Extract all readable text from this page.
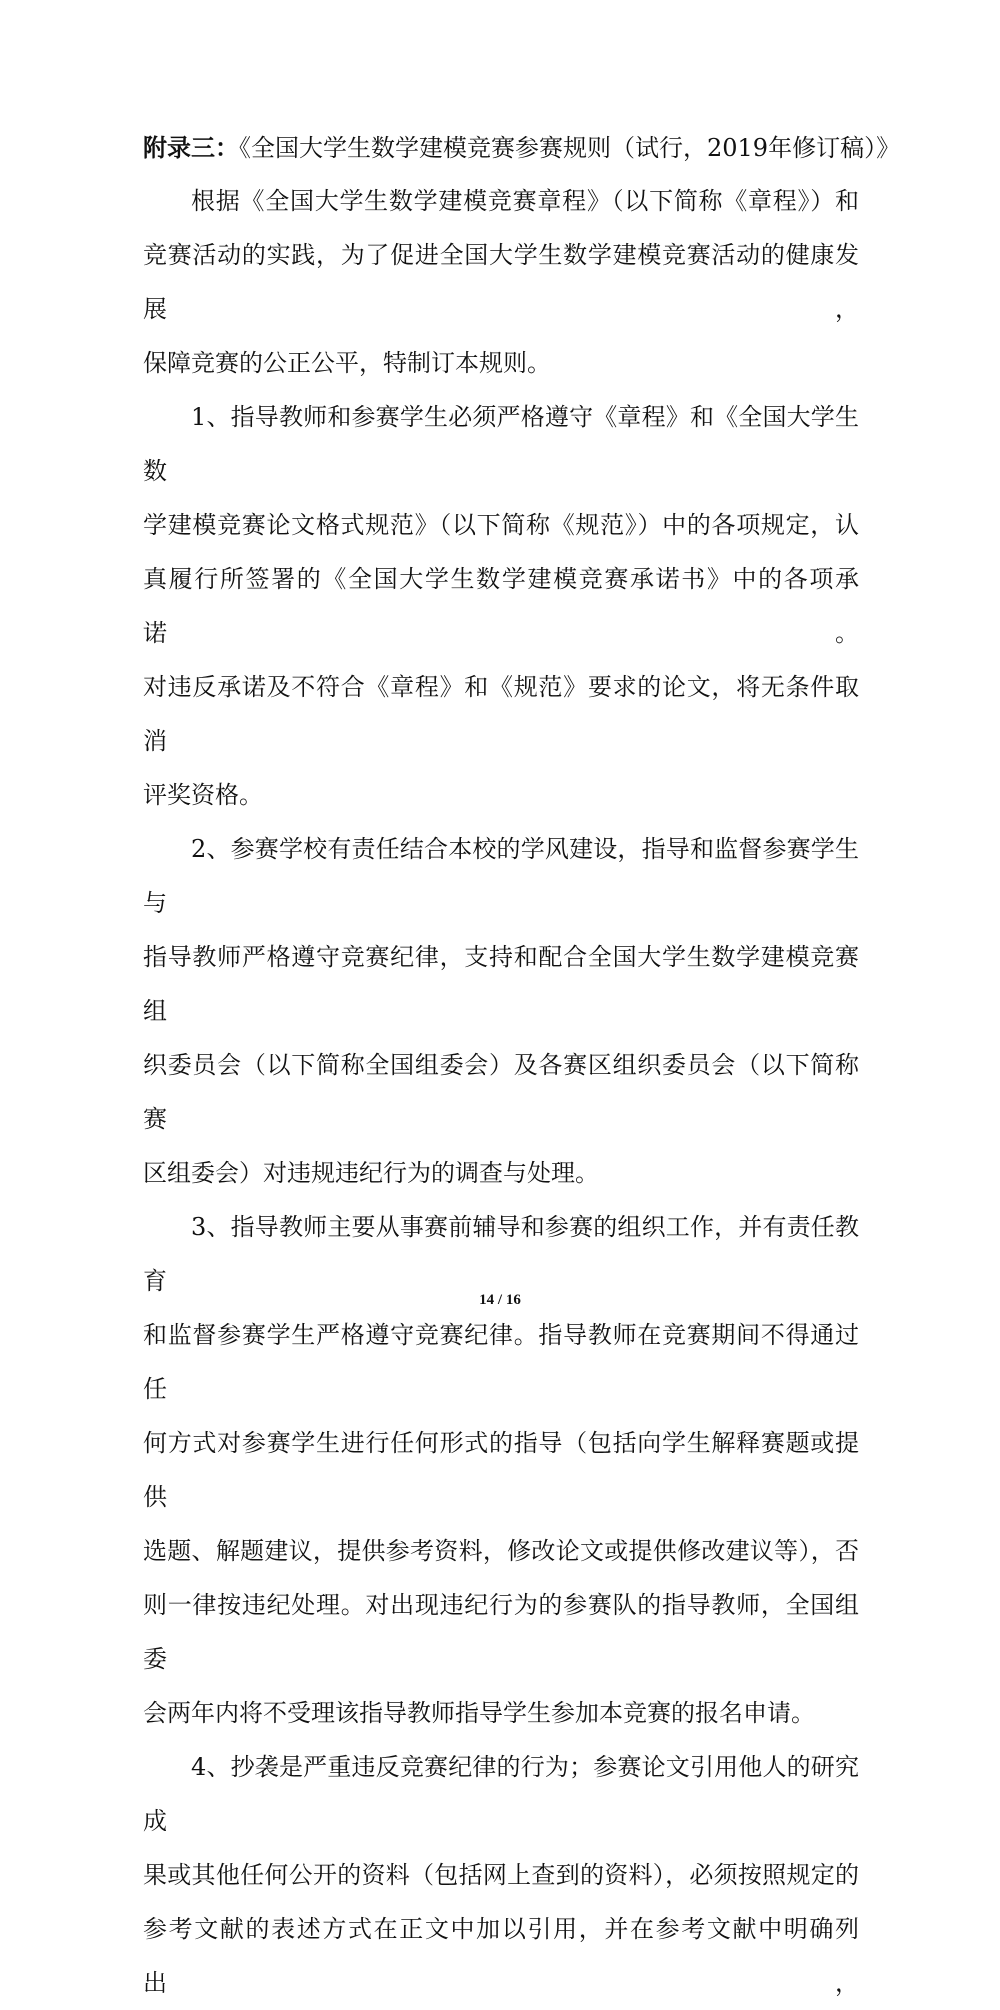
附录三：《全国大学生数学建模竞赛参赛规则（试行，2019年修订稿）》

根据《全国大学生数学建模竞赛章程》（以下简称《章程》）和
竞赛活动的实践，为了促进全国大学生数学建模竞赛活动的健康发展，
保障竞赛的公正公平，特制订本规则。

1、指导教师和参赛学生必须严格遵守《章程》和《全国大学生数
学建模竞赛论文格式规范》（以下简称《规范》）中的各项规定，认
真履行所签署的《全国大学生数学建模竞赛承诺书》中的各项承诺。
对违反承诺及不符合《章程》和《规范》要求的论文，将无条件取消
评奖资格。

2、参赛学校有责任结合本校的学风建设，指导和监督参赛学生与
指导教师严格遵守竞赛纪律，支持和配合全国大学生数学建模竞赛组
织委员会（以下简称全国组委会）及各赛区组织委员会（以下简称赛
区组委会）对违规违纪行为的调查与处理。

3、指导教师主要从事赛前辅导和参赛的组织工作，并有责任教育
和监督参赛学生严格遵守竞赛纪律。指导教师在竞赛期间不得通过任
何方式对参赛学生进行任何形式的指导（包括向学生解释赛题或提供
选题、解题建议，提供参考资料，修改论文或提供修改建议等），否
则一律按违纪处理。对出现违纪行为的参赛队的指导教师，全国组委
会两年内将不受理该指导教师指导学生参加本竞赛的报名申请。

4、抄袭是严重违反竞赛纪律的行为；参赛论文引用他人的研究成
果或其他任何公开的资料（包括网上查到的资料），必须按照规定的
参考文献的表述方式在正文中加以引用，并在参考文献中明确列出，

14 / 16
